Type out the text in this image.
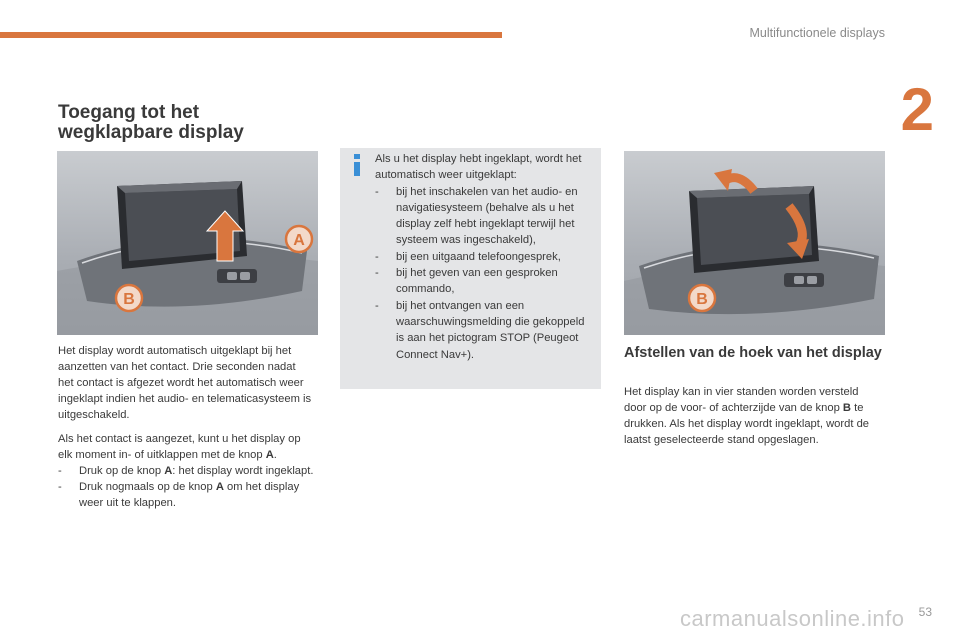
Multifunctionele displays
2
Toegang tot het wegklapbare display
A
B

Het display wordt automatisch uitgeklapt bij het aanzetten van het contact. Drie seconden nadat het contact is afgezet wordt het automatisch weer ingeklapt indien het audio- en telematicasysteem is uitgeschakeld.

Als het contact is aangezet, kunt u het display op elk moment in- of uitklappen met de knop A.

- Druk op de knop A: het display wordt ingeklapt.
- Druk nogmaals op de knop A om het display weer uit te klappen.
Als u het display hebt ingeklapt, wordt het automatisch weer uitgeklapt:
- bij het inschakelen van het audio- en navigatiesysteem (behalve als u het display zelf hebt ingeklapt terwijl het systeem was ingeschakeld),
- bij een uitgaand telefoongesprek,
- bij het geven van een gesproken commando,
- bij het ontvangen van een waarschuwingsmelding die gekoppeld is aan het pictogram STOP (Peugeot Connect Nav+).
B
Afstellen van de hoek van het display

Het display kan in vier standen worden versteld door op de voor- of achterzijde van de knop B te drukken. Als het display wordt ingeklapt, wordt de laatst geselecteerde stand opgeslagen.

carmanualsonline.info 53
